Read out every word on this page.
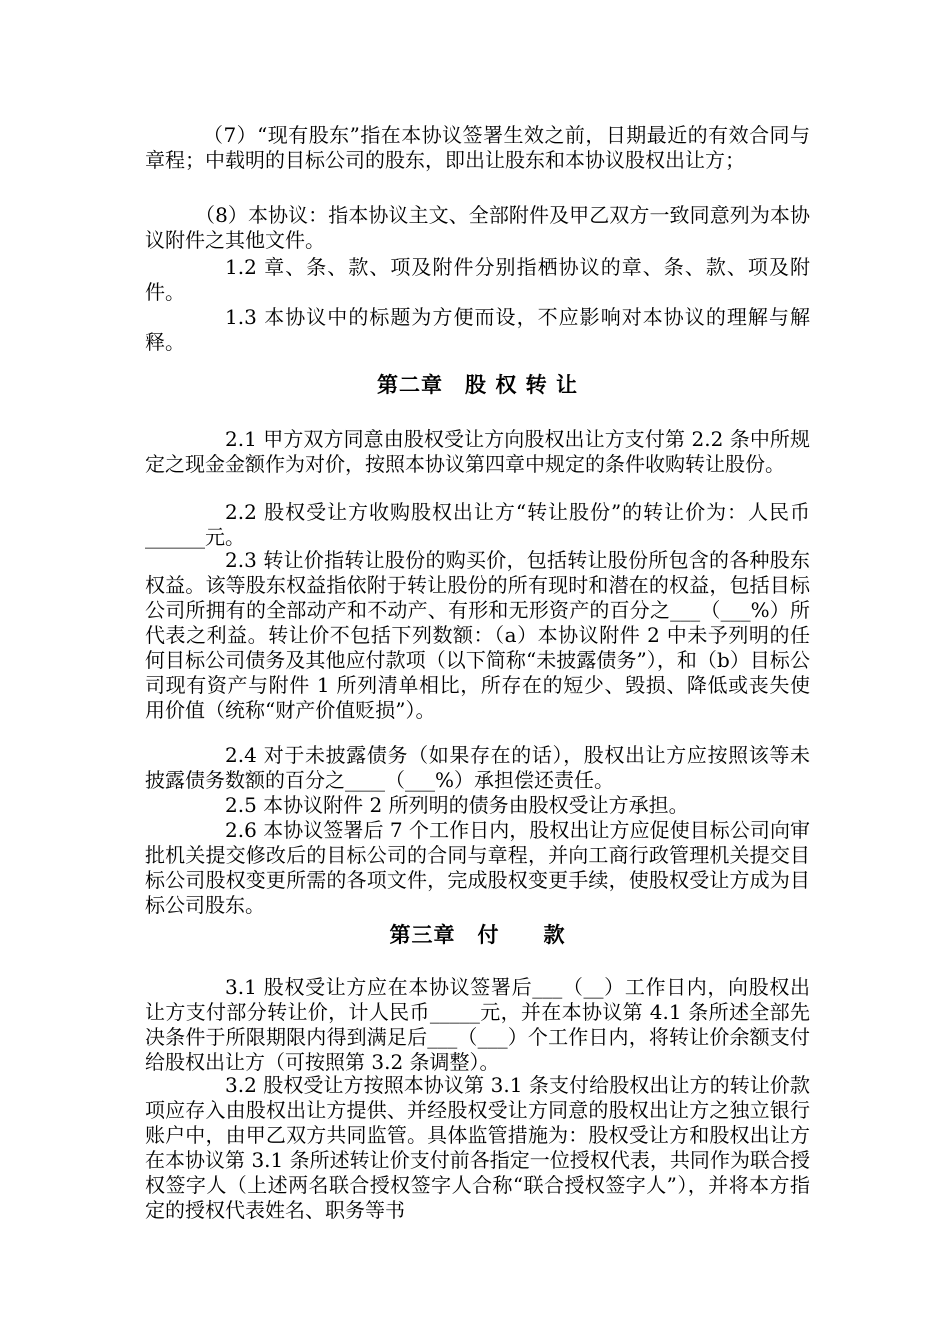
（7）“现有股东”指在本协议签署生效之前，日期最近的有效合同与章程；中载明的目标公司的股东，即出让股东和本协议股权出让方；
（8）本协议：指本协议主文、全部附件及甲乙双方一致同意列为本协议附件之其他文件。
1.2 章、条、款、项及附件分别指栖协议的章、条、款、项及附件。
1.3 本协议中的标题为方便而设，不应影响对本协议的理解与解释。
第二章　股 权 转 让
2.1 甲方双方同意由股权受让方向股权出让方支付第 2.2 条中所规定之现金金额作为对价，按照本协议第四章中规定的条件收购转让股份。
2.2 股权受让方收购股权出让方“转让股份”的转让价为：人民币______元。
2.3 转让价指转让股份的购买价，包括转让股份所包含的各种股东权益。该等股东权益指依附于转让股份的所有现时和潜在的权益，包括目标公司所拥有的全部动产和不动产、有形和无形资产的百分之___（___%）所代表之利益。转让价不包括下列数额：（a）本协议附件 2 中未予列明的任何目标公司债务及其他应付款项（以下简称“未披露债务”），和（b）目标公司现有资产与附件 1 所列清单相比，所存在的短少、毁损、降低或丧失使用价值（统称“财产价值贬损”）。
2.4 对于未披露债务（如果存在的话），股权出让方应按照该等未披露债务数额的百分之____（___%）承担偿还责任。
2.5 本协议附件 2 所列明的债务由股权受让方承担。
2.6 本协议签署后 7 个工作日内，股权出让方应促使目标公司向审批机关提交修改后的目标公司的合同与章程，并向工商行政管理机关提交目标公司股权变更所需的各项文件，完成股权变更手续，使股权受让方成为目标公司股东。
第三章　付　　款
3.1 股权受让方应在本协议签署后___（__）工作日内，向股权出让方支付部分转让价，计人民币_____元，并在本协议第 4.1 条所述全部先决条件于所限期限内得到满足后___（___）个工作日内，将转让价余额支付给股权出让方（可按照第 3.2 条调整）。
3.2 股权受让方按照本协议第 3.1 条支付给股权出让方的转让价款项应存入由股权出让方提供、并经股权受让方同意的股权出让方之独立银行账户中，由甲乙双方共同监管。具体监管措施为：股权受让方和股权出让方在本协议第 3.1 条所述转让价支付前各指定一位授权代表，共同作为联合授权签字人（上述两名联合授权签字人合称“联合授权签字人”），并将本方指定的授权代表姓名、职务等书
